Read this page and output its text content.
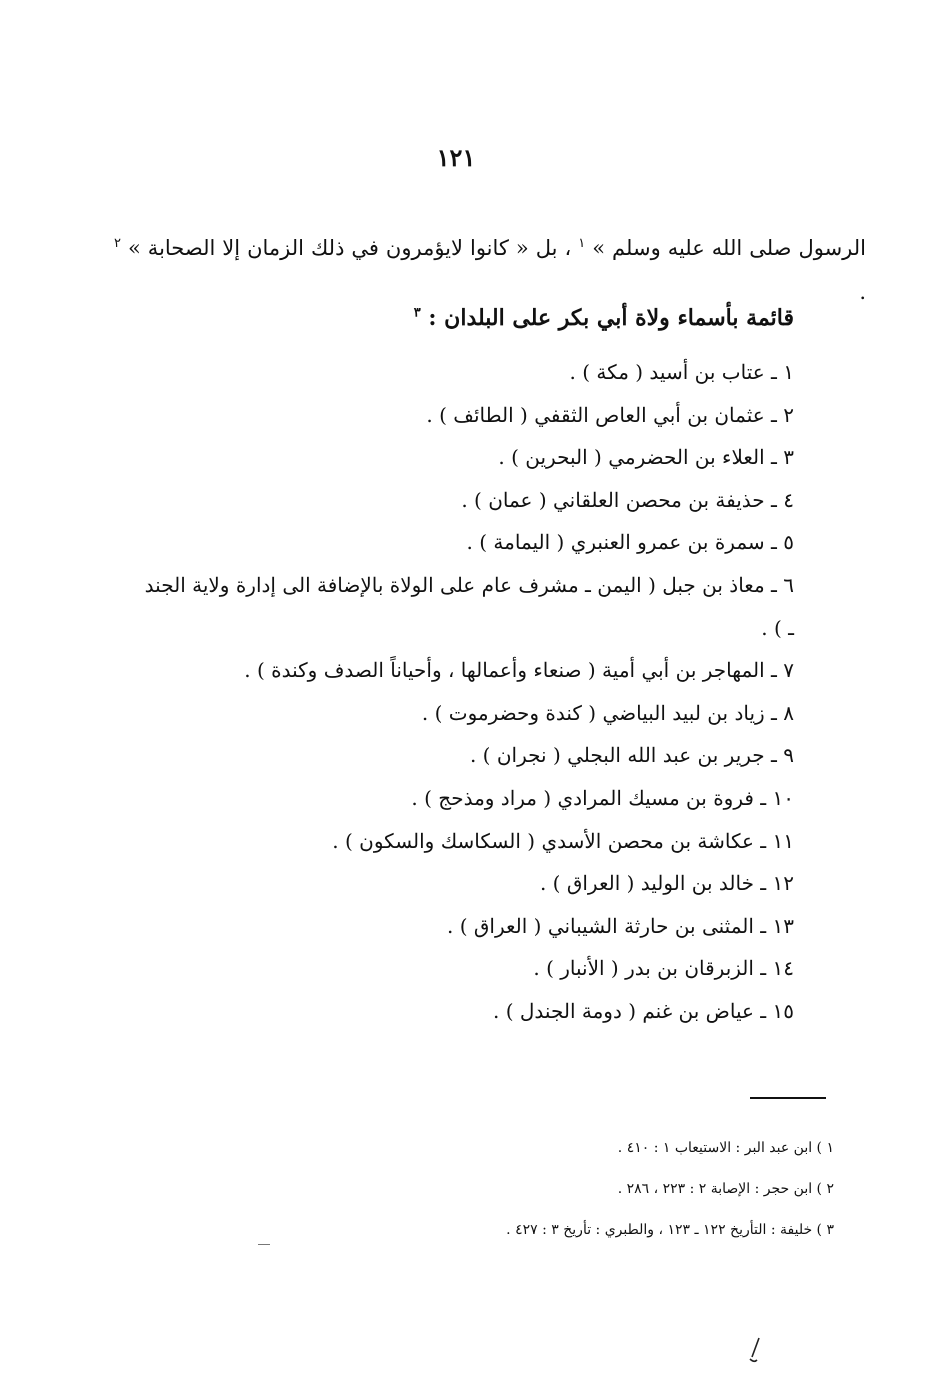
١٢١
الرسول صلى الله عليه وسلم » $^١$ ، بل « كانوا لايؤمرون في ذلك الزمان إلا الصحابة » $^٢$ .
قائمة بأسماء ولاة أبي بكر على البلدان : $^٣$
١ ـ عتاب بن أسيد ( مكة ) .
٢ ـ عثمان بن أبي العاص الثقفي ( الطائف ) .
٣ ـ العلاء بن الحضرمي ( البحرين ) .
٤ ـ حذيفة بن محصن العلقاني ( عمان ) .
٥ ـ سمرة بن عمرو العنبري ( اليمامة ) .
٦ ـ معاذ بن جبل ( اليمن ـ مشرف عام على الولاة بالإضافة الى إدارة ولاية الجند ـ ) .
٧ ـ المهاجر بن أبي أمية ( صنعاء وأعمالها ، وأحياناً الصدف وكندة ) .
٨ ـ زياد بن لبيد البياضي ( كندة وحضرموت ) .
٩ ـ جرير بن عبد الله البجلي ( نجران ) .
١٠ ـ فروة بن مسيك المرادي ( مراد ومذحج ) .
١١ ـ عكاشة بن محصن الأسدي ( السكاسك والسكون ) .
١٢ ـ خالد بن الوليد ( العراق ) .
١٣ ـ المثنى بن حارثة الشيباني ( العراق ) .
١٤ ـ الزبرقان بن بدر ( الأنبار ) .
١٥ ـ عياض بن غنم ( دومة الجندل ) .
١ ) ابن عبد البر : الاستيعاب ١ : ٤١٠ .
٢ ) ابن حجر : الإصابة ٢ : ٢٢٣ ، ٢٨٦ .
٣ ) خليفة : التأريخ ١٢٢ ـ ١٢٣ ، والطبري : تأريخ ٣ : ٤٢٧ .
